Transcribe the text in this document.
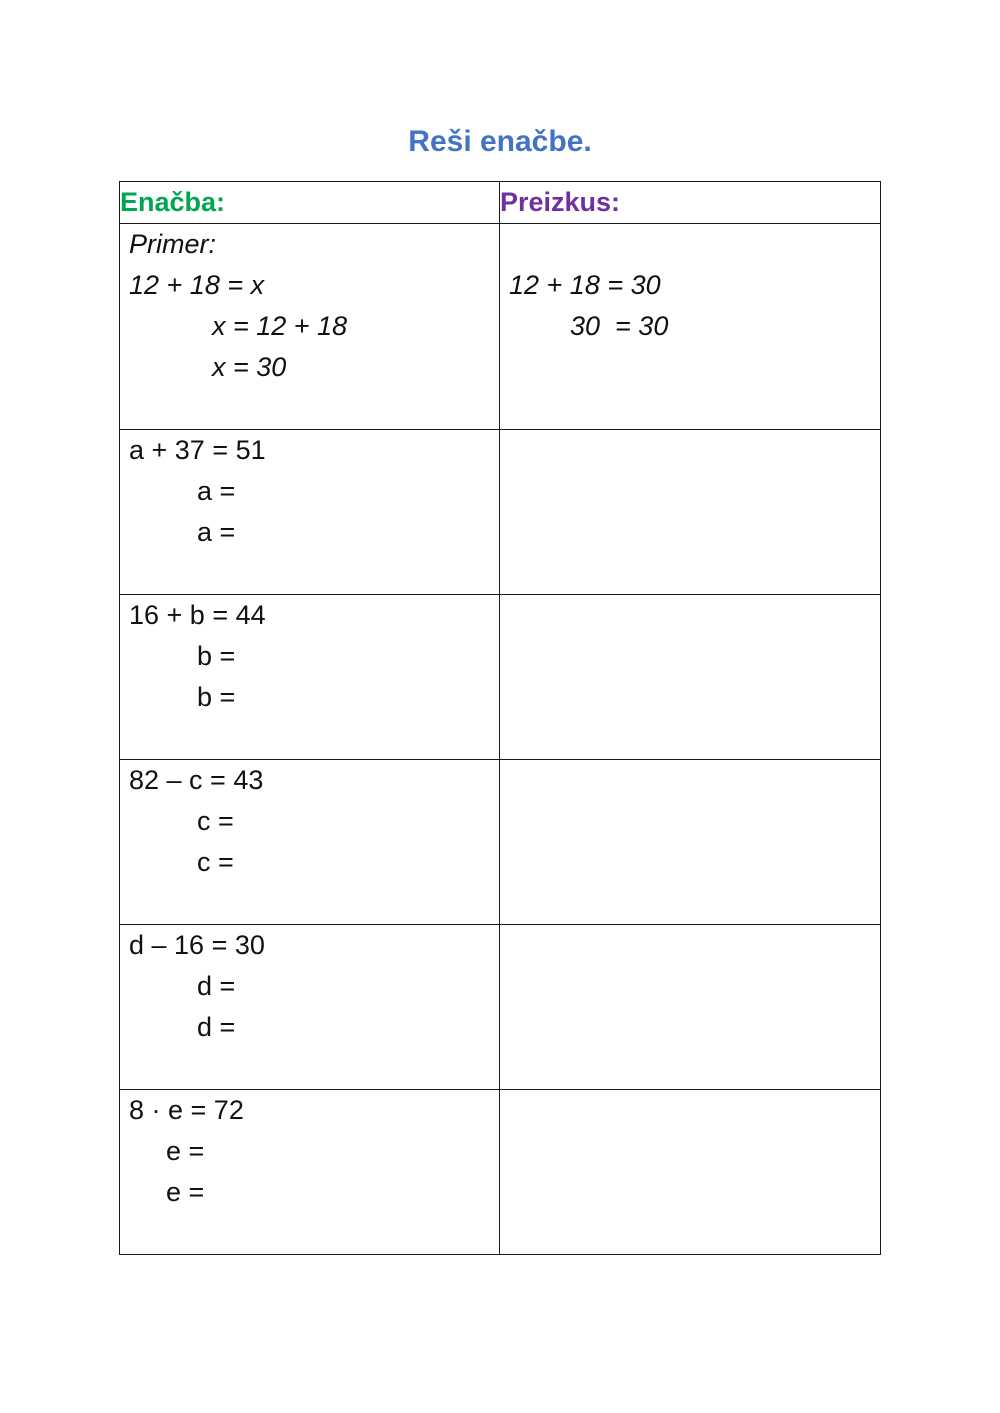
Reši enačbe.
Enačba:	Preizkus:

Primer:
12 + 18 = x
x = 12 + 18
x = 30	12 + 18 = 30
30  = 30

a + 37 = 51
a =
a =	

16 + b = 44
b =
b =	

82 – c = 43
c =
c =	

d – 16 = 30
d =
d =	

8 · e = 72
e =
e =	
